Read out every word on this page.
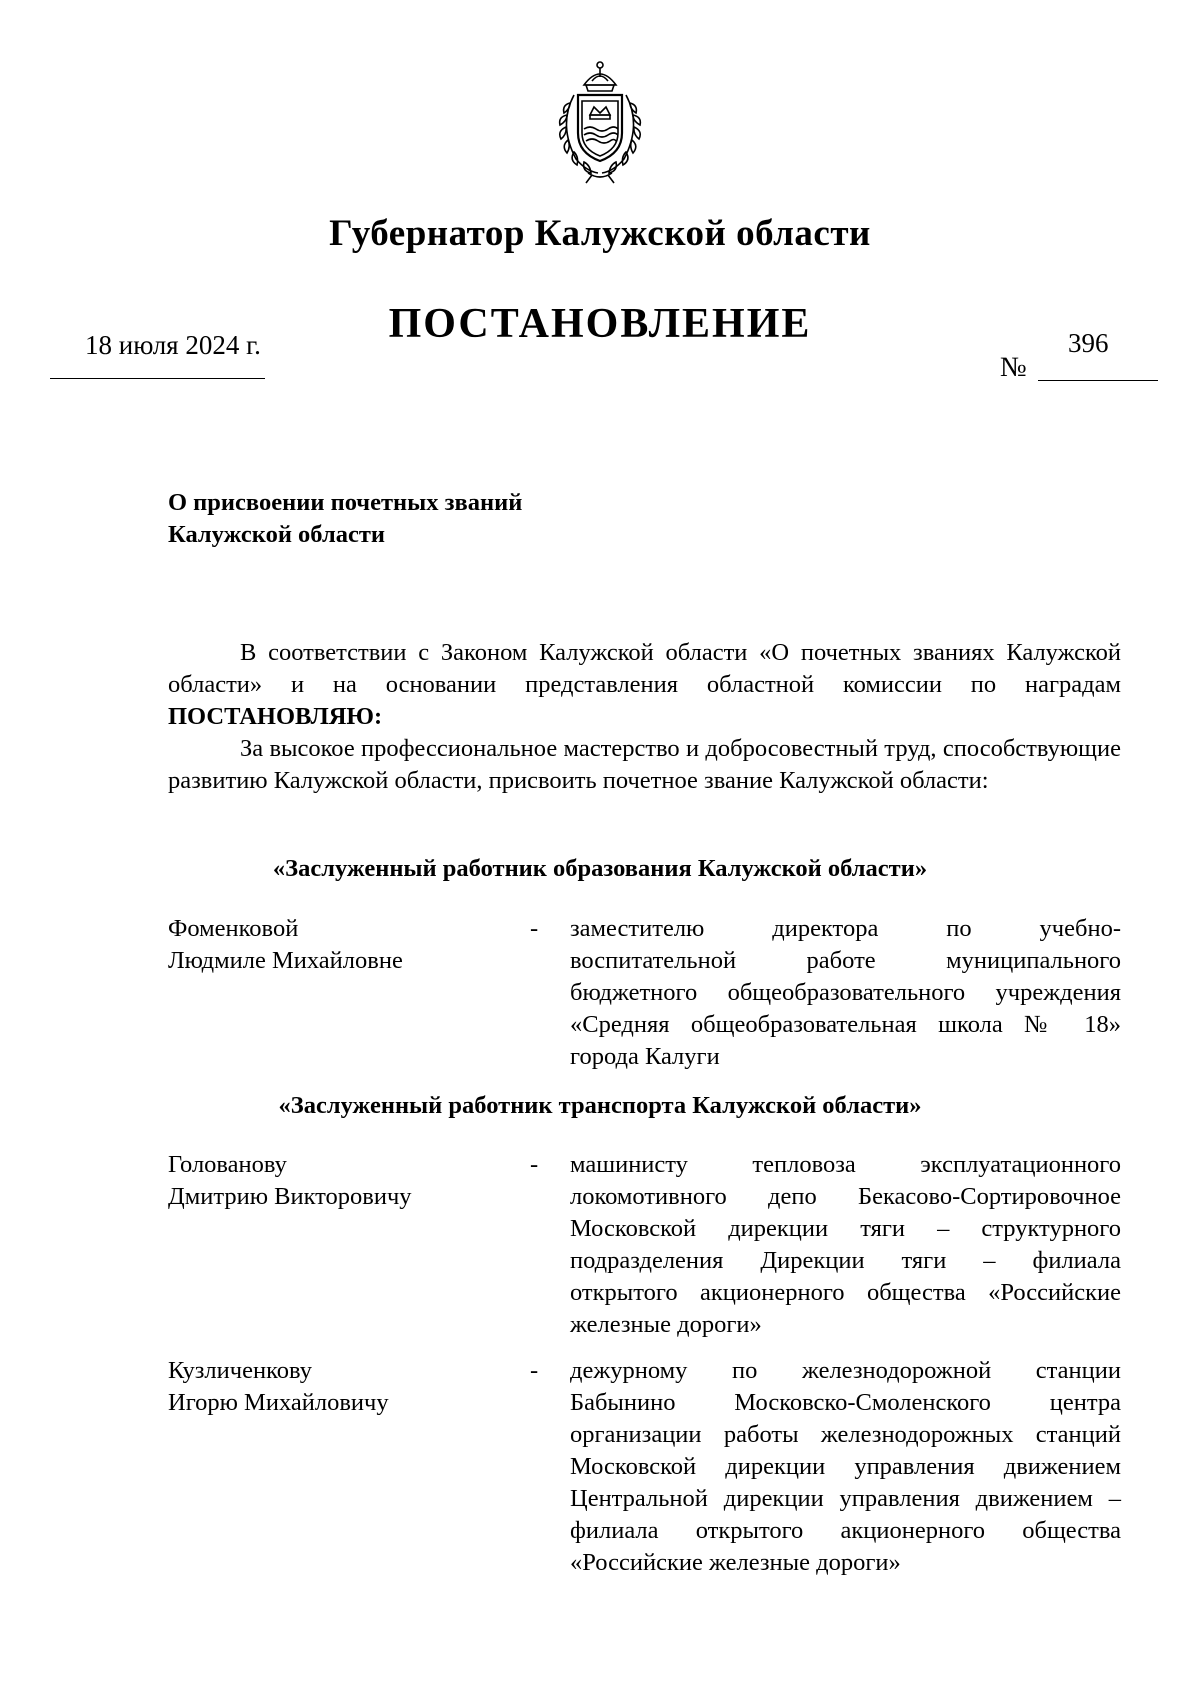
Губернатор Калужской области
ПОСТАНОВЛЕНИЕ
18 июля 2024 г.	396
№
О присвоении почетных званий
Калужской области
В соответствии с Законом Калужской области «О почетных званиях Калужской области» и на основании представления областной комиссии по наградам ПОСТАНОВЛЯЮ:
За высокое профессиональное мастерство и добросовестный труд, способствующие развитию Калужской области, присвоить почетное звание Калужской области:
«Заслуженный работник образования Калужской области»
Фоменковой
Людмиле Михайловне
- заместителю директора по учебно-
воспитательной работе муниципального
бюджетного общеобразовательного учреждения
«Средняя общеобразовательная школа № 18»
города Калуги
«Заслуженный работник транспорта Калужской области»
Голованову
Дмитрию Викторовичу
- машинисту тепловоза эксплуатационного
локомотивного депо Бекасово-Сортировочное
Московской дирекции тяги – структурного
подразделения Дирекции тяги – филиала
открытого акционерного общества «Российские
железные дороги»
Кузличенкову
Игорю Михайловичу
- дежурному по железнодорожной станции
Бабынино Московско-Смоленского центра
организации работы железнодорожных станций
Московской дирекции управления движением
Центральной дирекции управления движением –
филиала открытого акционерного общества
«Российские железные дороги»
